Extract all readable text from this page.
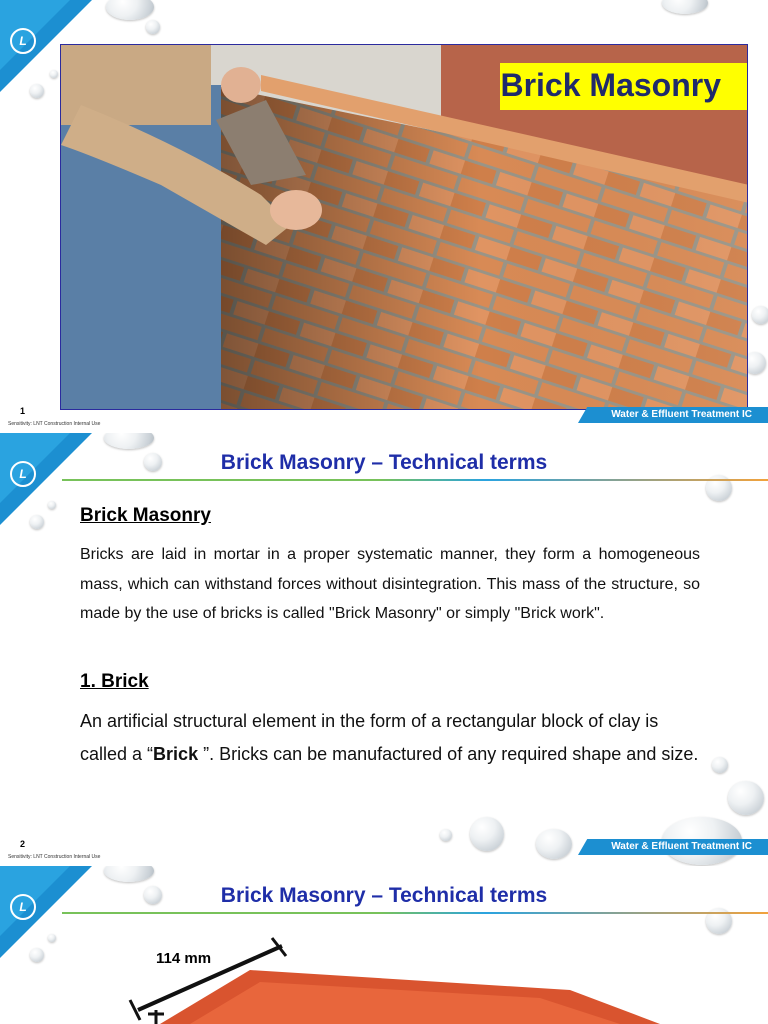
L
Brick Masonry
1
Sensitivity: LNT Construction Internal Use
Water & Effluent Treatment IC
L	Brick Masonry – Technical terms
Brick Masonry
Bricks are laid in mortar in a proper systematic manner, they form a homogeneous mass, which can withstand forces without disintegration. This mass of the structure, so made by the use of bricks is called "Brick Masonry" or simply "Brick work".
1. Brick
An artificial structural element in the form of a rectangular block of clay is called a “Brick ”. Bricks can be manufactured of any required shape and size.
2
Sensitivity: LNT Construction Internal Use
Water & Effluent Treatment IC
L	Brick Masonry – Technical terms
114 mm
